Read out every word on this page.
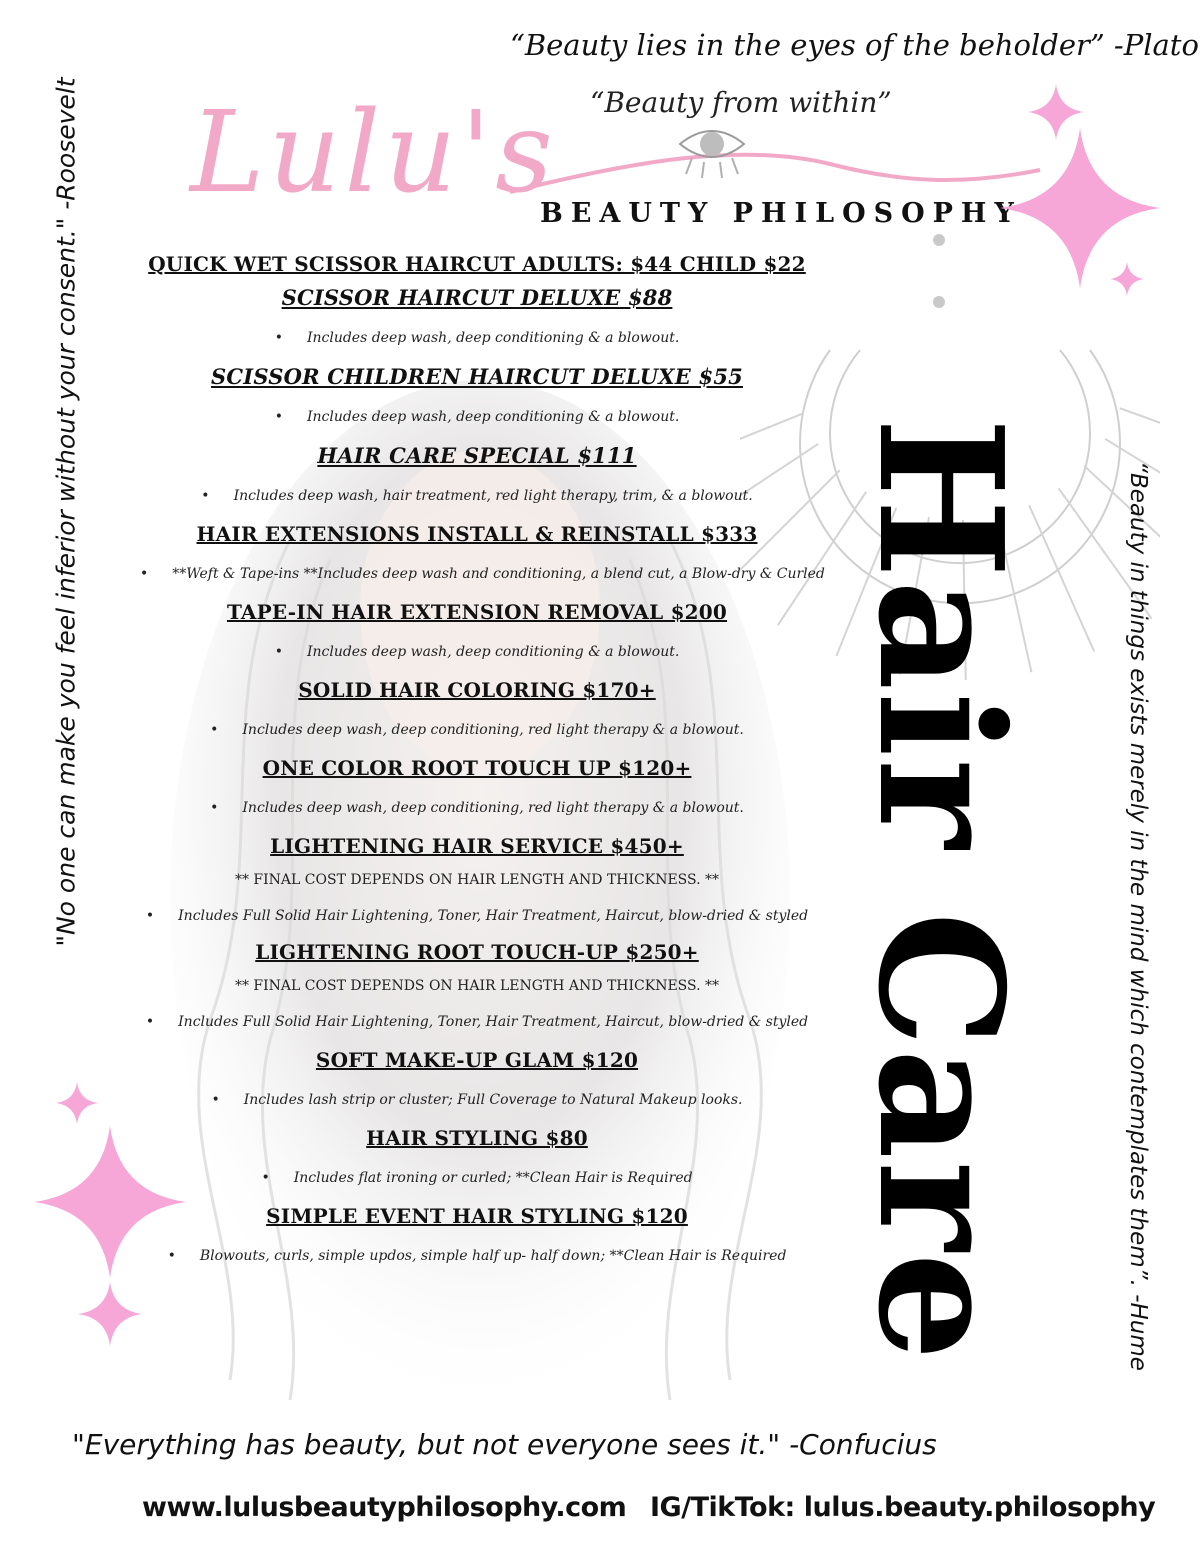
“Beauty lies in the eyes of the beholder” -Plato
Lulu's “Beauty from within”
BEAUTY PHILOSOPHY
"No one can make you feel inferior without your consent." -Roosevelt	“Beauty in things exists merely in the mind which contemplates them”. -Hume
Hair Care
QUICK WET SCISSOR HAIRCUT ADULTS: $44 CHILD $22
SCISSOR HAIRCUT DELUXE $88
• Includes deep wash, deep conditioning & a blowout.
SCISSOR CHILDREN HAIRCUT DELUXE $55
• Includes deep wash, deep conditioning & a blowout.
HAIR CARE SPECIAL $111
• Includes deep wash, hair treatment, red light therapy, trim, & a blowout.
HAIR EXTENSIONS INSTALL & REINSTALL $333
• **Weft & Tape-ins **Includes deep wash and conditioning, a blend cut, a Blow-dry & Curled
TAPE-IN HAIR EXTENSION REMOVAL $200
• Includes deep wash, deep conditioning & a blowout.
SOLID HAIR COLORING $170+
• Includes deep wash, deep conditioning, red light therapy & a blowout.
ONE COLOR ROOT TOUCH UP $120+
• Includes deep wash, deep conditioning, red light therapy & a blowout.
LIGHTENING HAIR SERVICE $450+
** FINAL COST DEPENDS ON HAIR LENGTH AND THICKNESS. **
• Includes Full Solid Hair Lightening, Toner, Hair Treatment, Haircut, blow-dried & styled
LIGHTENING ROOT TOUCH-UP $250+
** FINAL COST DEPENDS ON HAIR LENGTH AND THICKNESS. **
• Includes Full Solid Hair Lightening, Toner, Hair Treatment, Haircut, blow-dried & styled
SOFT MAKE-UP GLAM $120
• Includes lash strip or cluster; Full Coverage to Natural Makeup looks.
HAIR STYLING $80
• Includes flat ironing or curled; **Clean Hair is Required
SIMPLE EVENT HAIR STYLING $120
• Blowouts, curls, simple updos, simple half up- half down; **Clean Hair is Required
"Everything has beauty, but not everyone sees it." -Confucius
www.lulusbeautyphilosophy.com IG/TikTok: lulus.beauty.philosophy
